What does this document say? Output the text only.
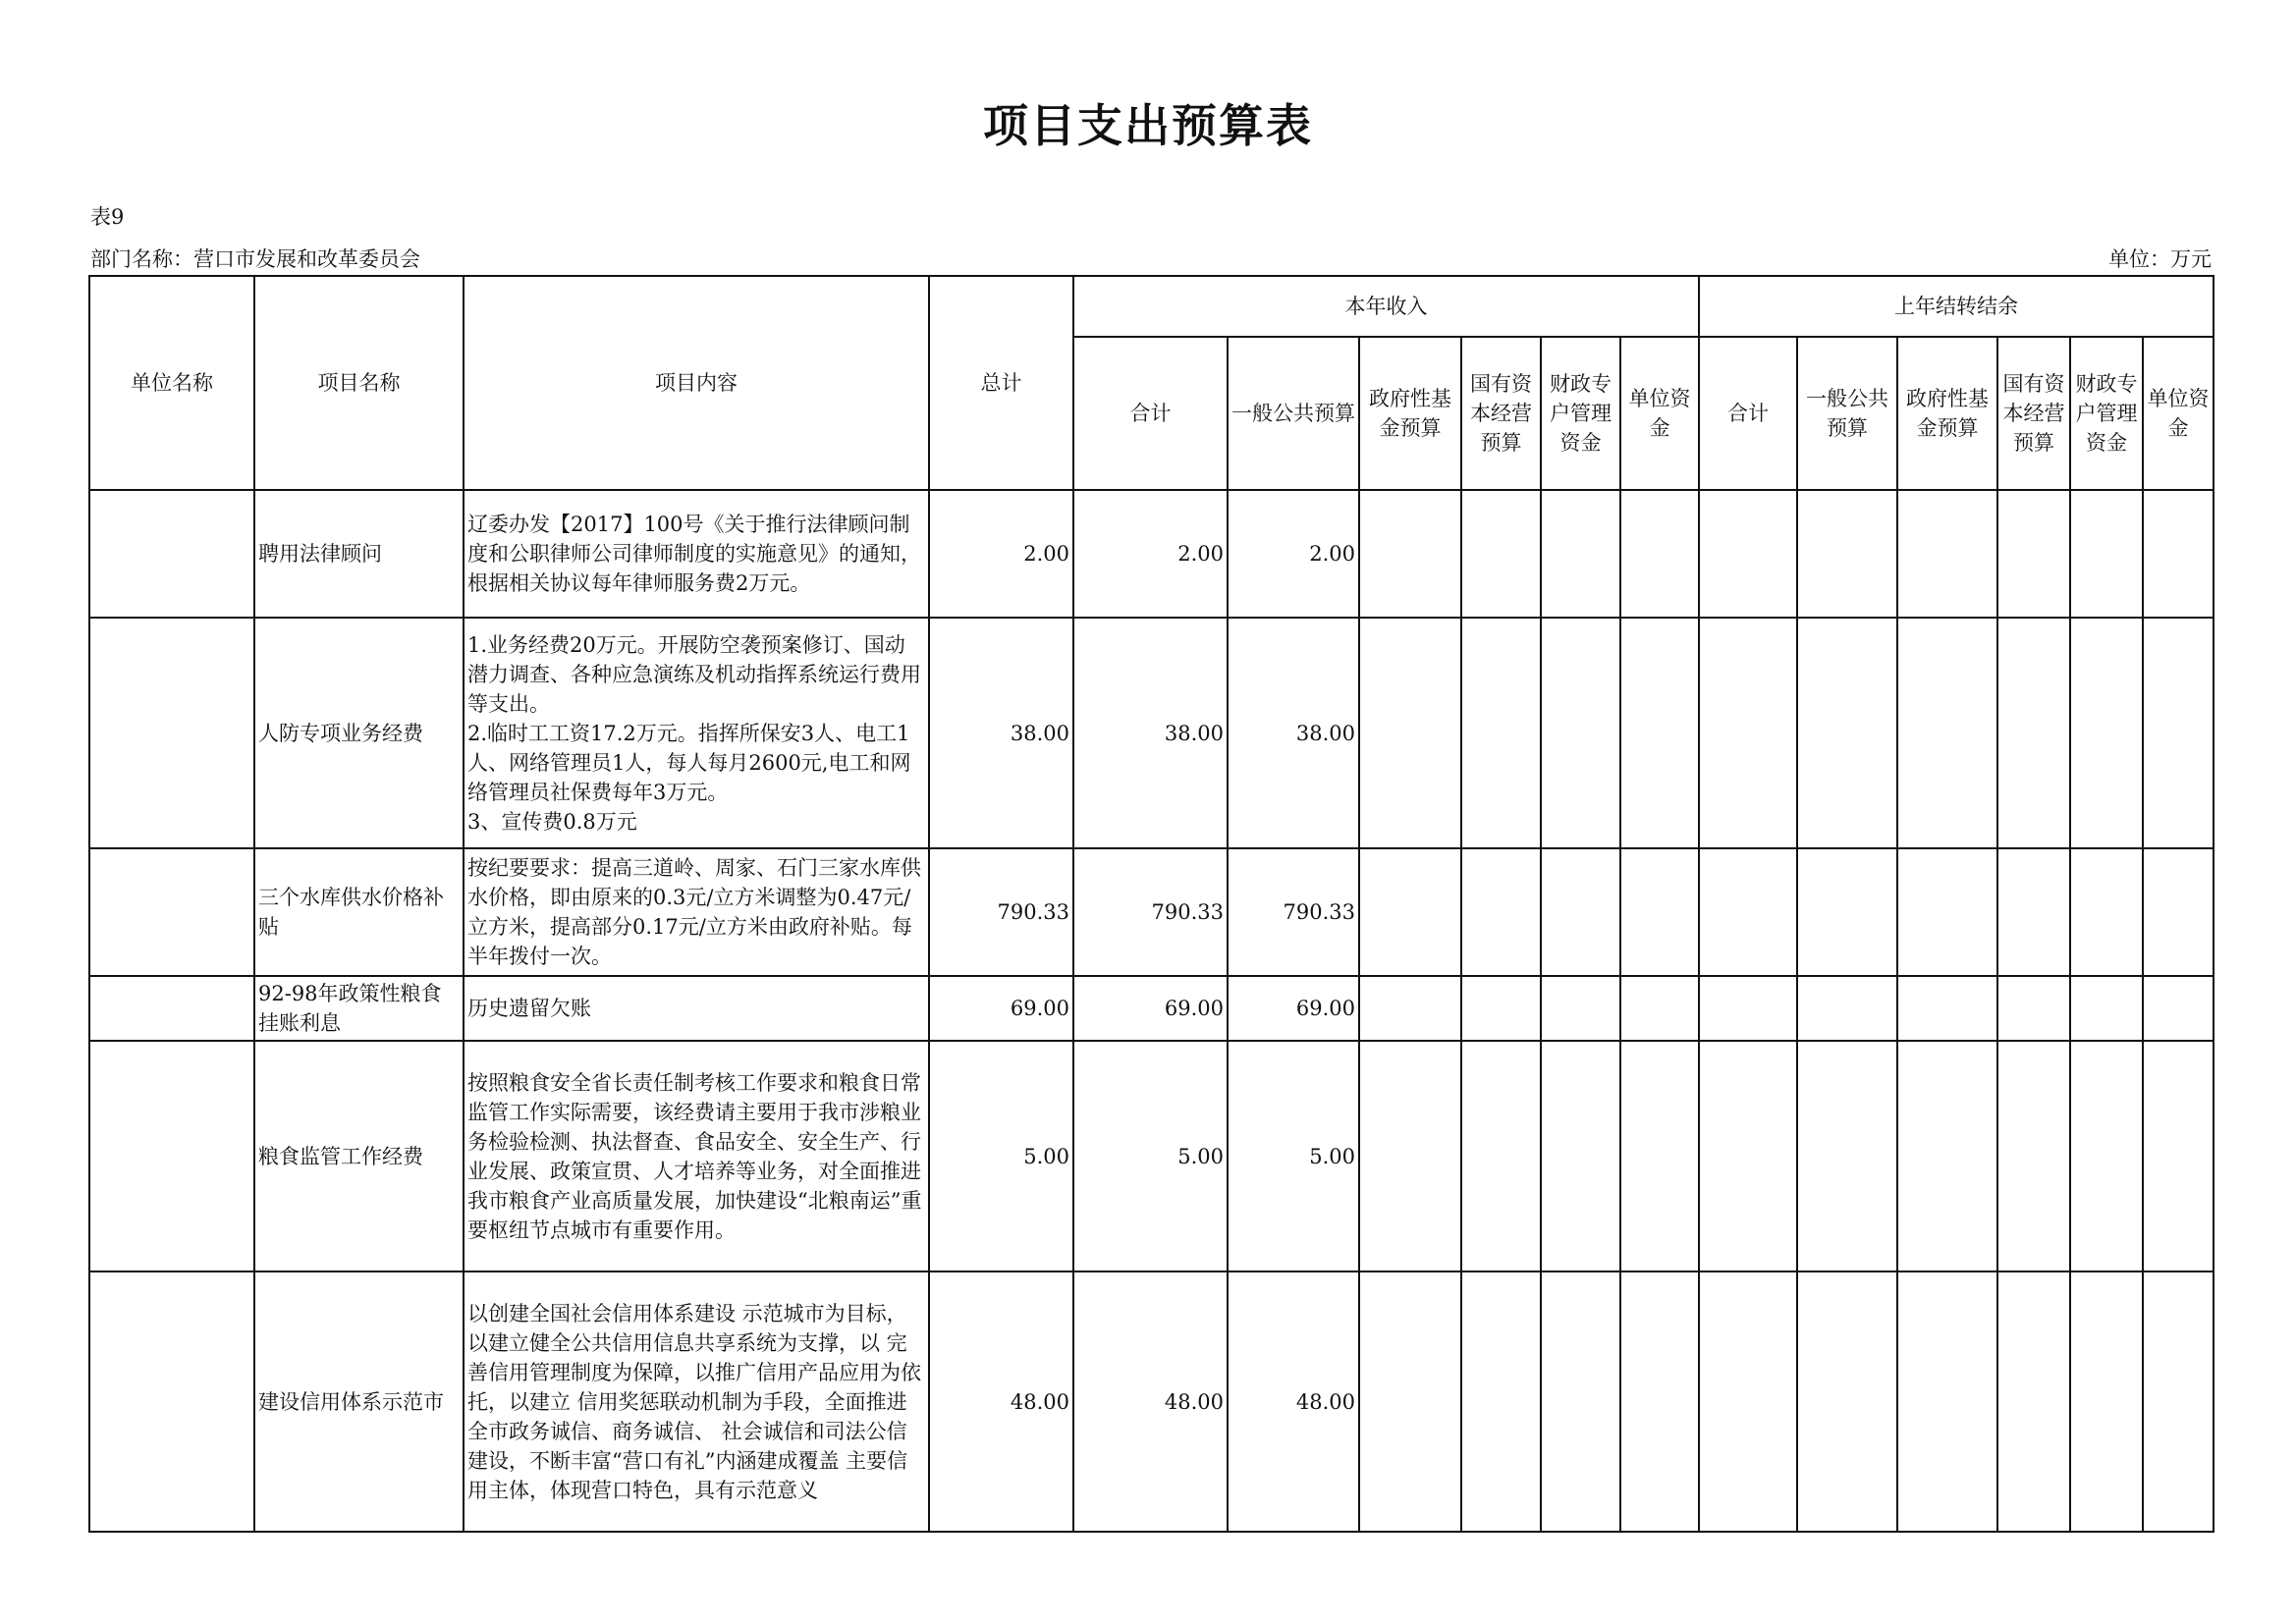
项目支出预算表
表9
部门名称：营口市发展和改革委员会	单位：万元
单位名称	项目名称	项目内容	总计	本年收入						上年结转结余					
				合计	一般公共预算	政府性基金预算	国有资本经营预算	财政专户管理资金	单位资金	合计	一般公共预算	政府性基金预算	国有资本经营预算	财政专户管理资金	单位资金
	聘用法律顾问	辽委办发【2017】100号《关于推行法律顾问制度和公职律师公司律师制度的实施意见》的通知，根据相关协议每年律师服务费2万元。	2.00	2.00	2.00										
	人防专项业务经费	1.业务经费20万元。开展防空袭预案修订、国动潜力调查、各种应急演练及机动指挥系统运行费用等支出。
2.临时工工资17.2万元。指挥所保安3人、电工1人、网络管理员1人，每人每月2600元,电工和网络管理员社保费每年3万元。
3、宣传费0.8万元	38.00	38.00	38.00										
	三个水库供水价格补贴	按纪要要求：提高三道岭、周家、石门三家水库供水价格，即由原来的0.3元/立方米调整为0.47元/立方米，提高部分0.17元/立方米由政府补贴。每半年拨付一次。	790.33	790.33	790.33										
	92-98年政策性粮食挂账利息	历史遗留欠账	69.00	69.00	69.00										
	粮食监管工作经费	按照粮食安全省长责任制考核工作要求和粮食日常监管工作实际需要，该经费请主要用于我市涉粮业务检验检测、执法督查、食品安全、安全生产、行业发展、政策宣贯、人才培养等业务，对全面推进我市粮食产业高质量发展，加快建设“北粮南运”重要枢纽节点城市有重要作用。	5.00	5.00	5.00										
	建设信用体系示范市	以创建全国社会信用体系建设 示范城市为目标，以建立健全公共信用信息共享系统为支撑，以 完善信用管理制度为保障，以推广信用产品应用为依托，以建立 信用奖惩联动机制为手段，全面推进全市政务诚信、商务诚信、 社会诚信和司法公信建设，不断丰富“营口有礼”内涵建成覆盖 主要信用主体，体现营口特色，具有示范意义	48.00	48.00	48.00										
